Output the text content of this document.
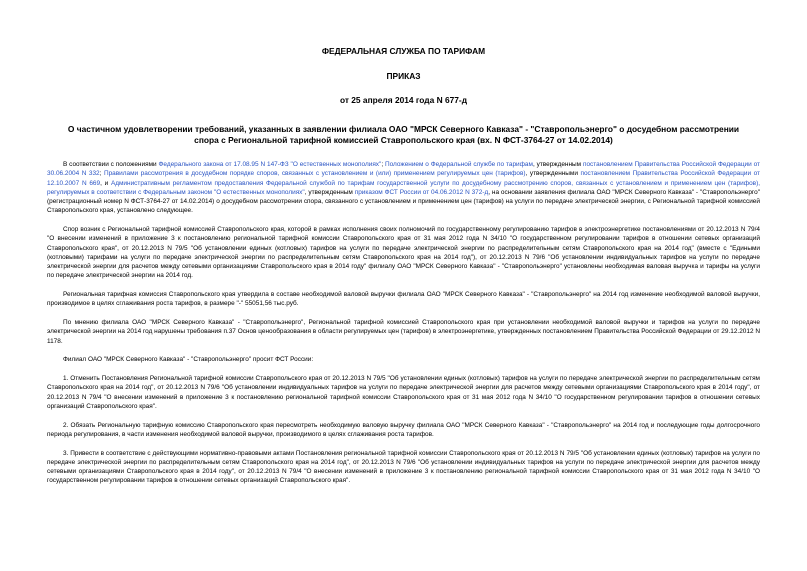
ФЕДЕРАЛЬНАЯ СЛУЖБА ПО ТАРИФАМ
ПРИКАЗ
от 25 апреля 2014 года N 677-д
О частичном удовлетворении требований, указанных в заявлении филиала ОАО "МРСК Северного Кавказа" - "Ставропольэнерго" о досудебном рассмотрении спора с Региональной тарифной комиссией Ставропольского края (вх. N ФСТ-3764-27 от 14.02.2014)

В соответствии с положениями Федерального закона от 17.08.95 N 147-ФЗ "О естественных монополиях"; Положением о Федеральной службе по тарифам, утвержденным постановлением Правительства Российской Федерации от 30.06.2004 N 332; Правилами рассмотрения в досудебном порядке споров, связанных с установлением и (или) применением регулируемых цен (тарифов), утвержденными постановлением Правительства Российской Федерации от 12.10.2007 N 669, и Административным регламентом предоставления Федеральной службой по тарифам государственной услуги по досудебному рассмотрению споров, связанных с установлением и применением цен (тарифов), регулируемых в соответствии с Федеральным законом "О естественных монополиях", утвержденным приказом ФСТ России от 04.06.2012 N 372-д, на основании заявления филиала ОАО "МРСК Северного Кавказа" - "Ставропольэнерго" (регистрационный номер N ФСТ-3764-27 от 14.02.2014) о досудебном рассмотрении спора, связанного с установлением и применением цен (тарифов) на услуги по передаче электрической энергии, с Региональной тарифной комиссией Ставропольского края, установлено следующее.

Спор возник с Региональной тарифной комиссией Ставропольского края, которой в рамках исполнения своих полномочий по государственному регулированию тарифов в электроэнергетике постановлениями от 20.12.2013 N 79/4 "О внесении изменений в приложение 3 к постановлению региональной тарифной комиссии Ставропольского края от 31 мая 2012 года N 34/10 "О государственном регулировании тарифов в отношении сетевых организаций Ставропольского края", от 20.12.2013 N 79/5 "Об установлении единых (котловых) тарифов на услуги по передаче электрической энергии по распределительным сетям Ставропольского края на 2014 год" (вместе с "Едиными (котловыми) тарифами на услуги по передаче электрической энергии по распределительным сетям Ставропольского края на 2014 год"), от 20.12.2013 N 79/6 "Об установлении индивидуальных тарифов на услуги по передаче электрической энергии для расчетов между сетевыми организациями Ставропольского края в 2014 году" филиалу ОАО "МРСК Северного Кавказа" - "Ставропольэнерго" установлены необходимая валовая выручка и тарифы на услуги по передаче электрической энергии на 2014 год.

Региональная тарифная комиссия Ставропольского края утвердила в составе необходимой валовой выручки филиала ОАО "МРСК Северного Кавказа" - "Ставропольэнерго" на 2014 год изменение необходимой валовой выручки, производимое в целях сглаживания роста тарифов, в размере "-" 55051,56 тыс.руб.

По мнению филиала ОАО "МРСК Северного Кавказа" - "Ставропольэнерго", Региональной тарифной комиссией Ставропольского края при установлении необходимой валовой выручки и тарифов на услуги по передаче электрической энергии на 2014 год нарушены требования п.37 Основ ценообразования в области регулируемых цен (тарифов) в электроэнергетике, утвержденных постановлением Правительства Российской Федерации от 29.12.2012 N 1178.

Филиал ОАО "МРСК Северного Кавказа" - "Ставропольэнерго" просит ФСТ России:

1. Отменить Постановления Региональной тарифной комиссии Ставропольского края от 20.12.2013 N 79/5 "Об установлении единых (котловых) тарифов на услуги по передаче электрической энергии по распределительным сетям Ставропольского края на 2014 год", от 20.12.2013 N 79/6 "Об установлении индивидуальных тарифов на услуги по передаче электрической энергии для расчетов между сетевыми организациями Ставропольского края в 2014 году", от 20.12.2013 N 79/4 "О внесении изменений в приложение 3 к постановлению региональной тарифной комиссии Ставропольского края от 31 мая 2012 года N 34/10 "О государственном регулировании тарифов в отношении сетевых организаций Ставропольского края".

2. Обязать Региональную тарифную комиссию Ставропольского края пересмотреть необходимую валовую выручку филиала ОАО "МРСК Северного Кавказа" - "Ставропольэнерго" на 2014 год и последующие годы долгосрочного периода регулирования, в части изменения необходимой валовой выручки, производимого в целях сглаживания роста тарифов.

3. Привести в соответствие с действующими нормативно-правовыми актами Постановления региональной тарифной комиссии Ставропольского края от 20.12.2013 N 79/5 "Об установлении единых (котловых) тарифов на услуги по передаче электрической энергии по распределительным сетям Ставропольского края на 2014 год", от 20.12.2013 N 79/6 "Об установлении индивидуальных тарифов на услуги по передаче электрической энергии для расчетов между сетевыми организациями Ставропольского края в 2014 году", от 20.12.2013 N 79/4 "О внесении изменений в приложение 3 к постановлению региональной тарифной комиссии Ставропольского края от 31 мая 2012 года N 34/10 "О государственном регулировании тарифов в отношении сетевых организаций Ставропольского края".
